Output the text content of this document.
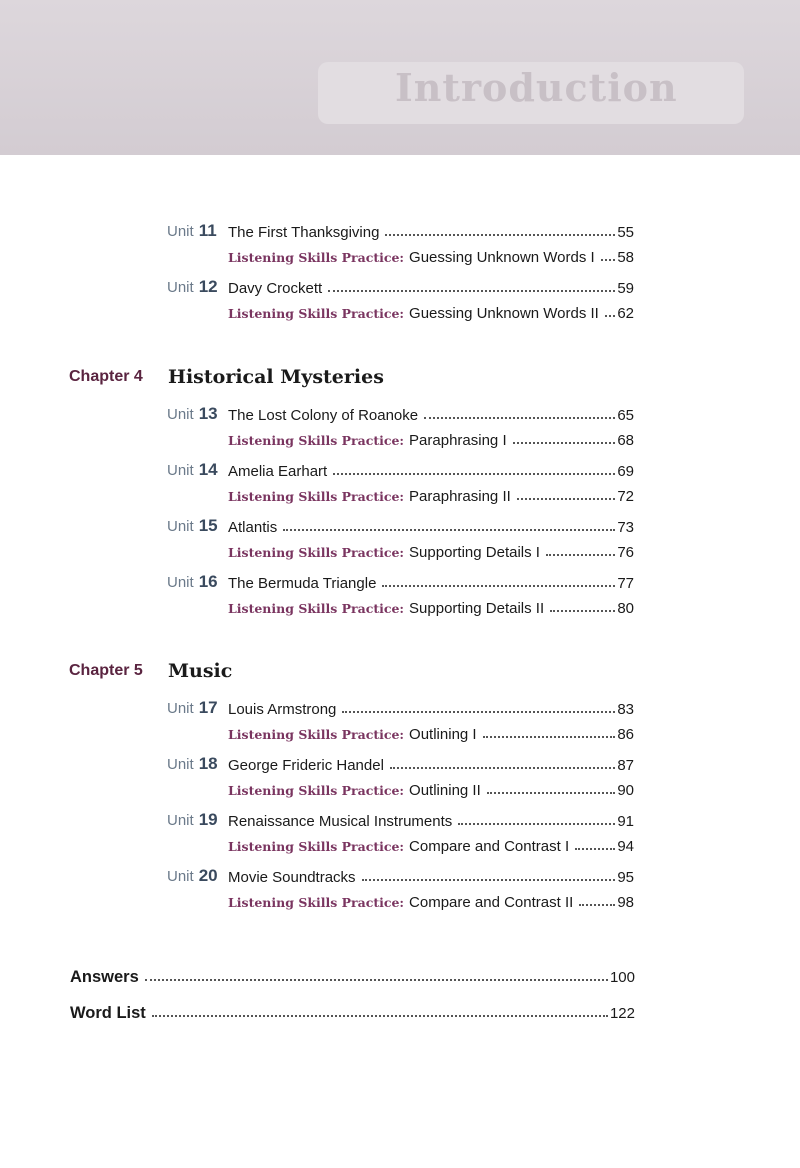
Introduction
Unit 11 The First Thanksgiving	55
Listening Skills Practice: Guessing Unknown Words I 58
Unit 12 Davy Crockett	59
Listening Skills Practice: Guessing Unknown Words II 62
Chapter 4 Historical Mysteries
Unit 13 The Lost Colony of Roanoke	65
Listening Skills Practice: Paraphrasing I	68
Unit 14 Amelia Earhart	69
Listening Skills Practice: Paraphrasing II	72
Unit 15 Atlantis	73
Listening Skills Practice: Supporting Details I	76
Unit 16 The Bermuda Triangle	77
Listening Skills Practice: Supporting Details II	80
Chapter 5 Music
Unit 17 Louis Armstrong	83
Listening Skills Practice: Outlining I	86
Unit 18 George Frideric Handel	87
Listening Skills Practice: Outlining II	90
Unit 19 Renaissance Musical Instruments	91
Listening Skills Practice: Compare and Contrast I	94
Unit 20 Movie Soundtracks	95
Listening Skills Practice: Compare and Contrast II	98
Answers	100
Word List	122
